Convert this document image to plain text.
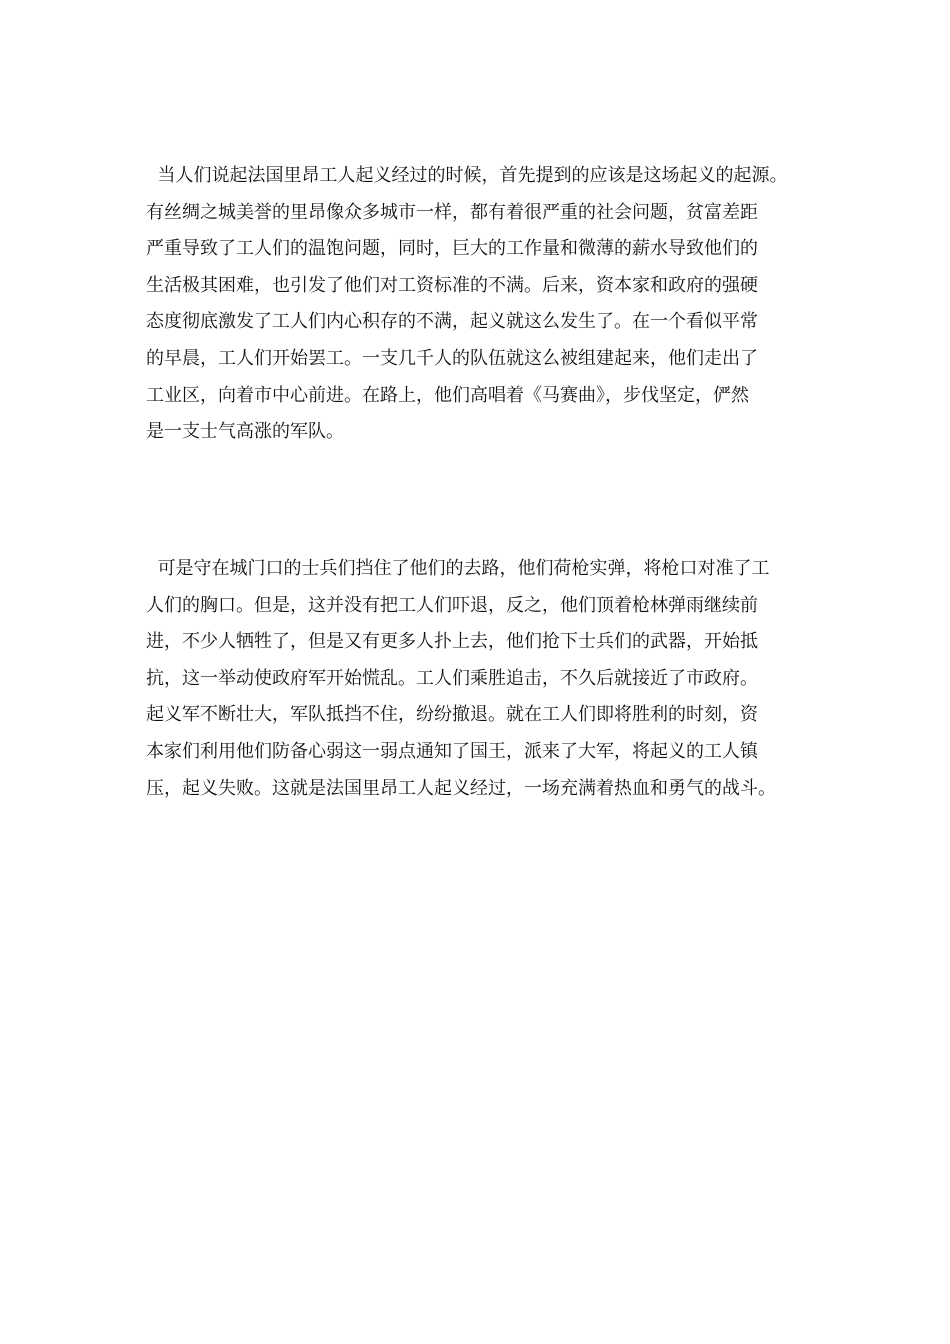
当人们说起法国里昂工人起义经过的时候，首先提到的应该是这场起义的起源。
有丝绸之城美誉的里昂像众多城市一样，都有着很严重的社会问题，贫富差距
严重导致了工人们的温饱问题，同时，巨大的工作量和微薄的薪水导致他们的
生活极其困难，也引发了他们对工资标准的不满。后来，资本家和政府的强硬
态度彻底激发了工人们内心积存的不满，起义就这么发生了。在一个看似平常
的早晨，工人们开始罢工。一支几千人的队伍就这么被组建起来，他们走出了
工业区，向着市中心前进。在路上，他们高唱着《马赛曲》，步伐坚定，俨然
是一支士气高涨的军队。
可是守在城门口的士兵们挡住了他们的去路，他们荷枪实弹，将枪口对准了工
人们的胸口。但是，这并没有把工人们吓退，反之，他们顶着枪林弹雨继续前
进，不少人牺牲了，但是又有更多人扑上去，他们抢下士兵们的武器，开始抵
抗，这一举动使政府军开始慌乱。工人们乘胜追击，不久后就接近了市政府。
起义军不断壮大，军队抵挡不住，纷纷撤退。就在工人们即将胜利的时刻，资
本家们利用他们防备心弱这一弱点通知了国王，派来了大军，将起义的工人镇
压，起义失败。这就是法国里昂工人起义经过，一场充满着热血和勇气的战斗。
